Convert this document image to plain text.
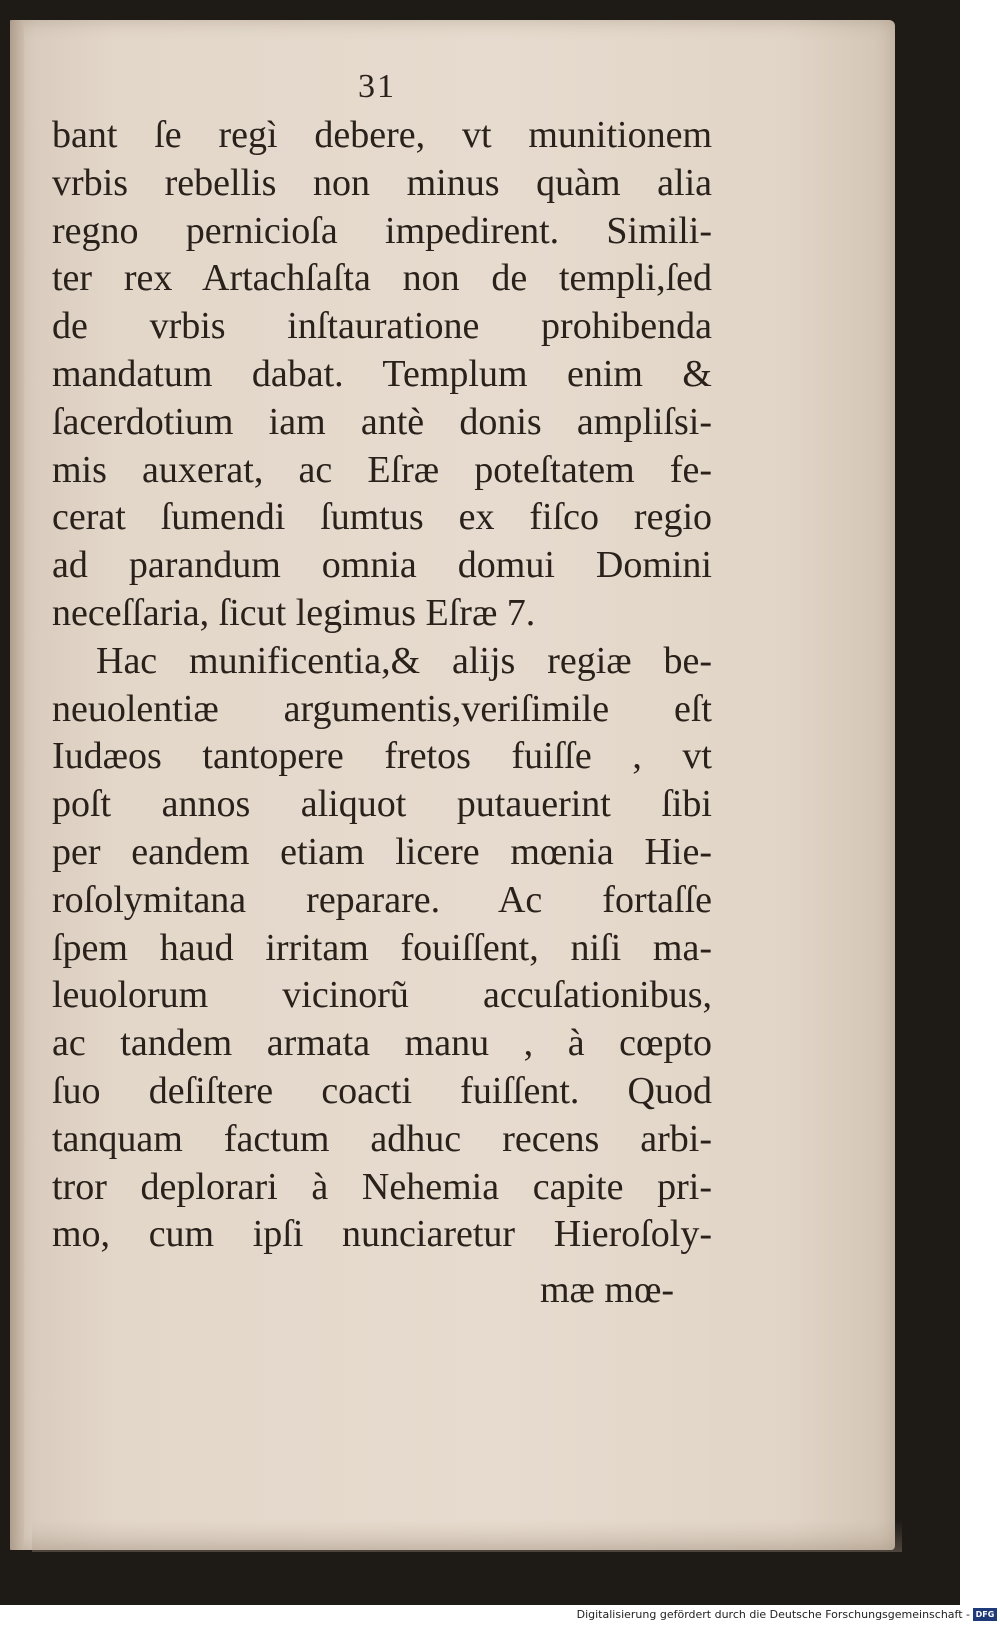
31
bant ſe regì debere, vt munitionem
vrbis rebellis non minus quàm alia
regno pernicioſa impedirent. Simili-
ter rex Artachſaſta non de templi,ſed
de vrbis inſtauratione prohibenda
mandatum dabat. Templum enim &
ſacerdotium iam antè donis ampliſsi-
mis auxerat, ac Eſræ poteſtatem fe-
cerat ſumendi ſumtus ex fiſco regio
ad parandum omnia domui Domini
neceſſaria, ſicut legimus Eſræ 7.
Hac munificentia,& alijs regiæ be-
neuolentiæ argumentis,veriſimile eſt
Iudæos tantopere fretos fuiſſe , vt
poſt annos aliquot putauerint ſibi
per eandem etiam licere mœnia Hie-
roſolymitana reparare. Ac fortaſſe
ſpem haud irritam fouiſſent, niſi ma-
leuolorum vicinorũ accuſationibus,
ac tandem armata manu , à cœpto
ſuo deſiſtere coacti fuiſſent. Quod
tanquam factum adhuc recens arbi-
tror deplorari à Nehemia capite pri-
mo, cum ipſi nunciaretur Hieroſoly-
mæ mœ-
Digitalisierung gefördert durch die Deutsche Forschungsgemeinschaft - DFG
